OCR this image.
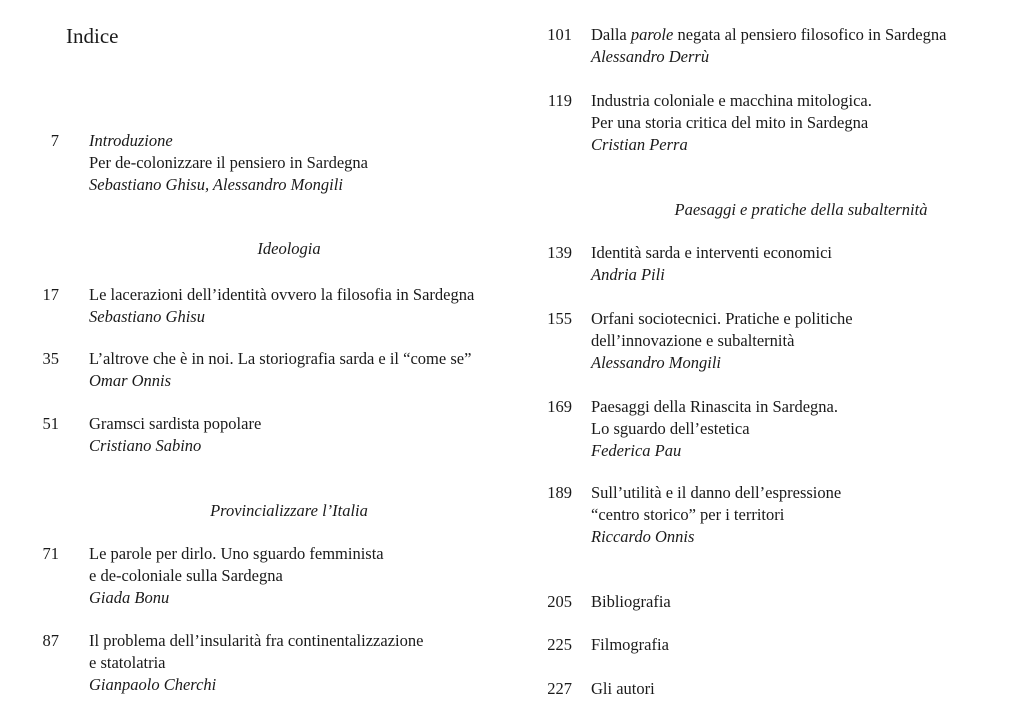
Indice
7 Introduzione
Per de-colonizzare il pensiero in Sardegna
Sebastiano Ghisu, Alessandro Mongili
Ideologia
17 Le lacerazioni dell’identità ovvero la filosofia in Sardegna
Sebastiano Ghisu
35 L’altrove che è in noi. La storiografia sarda e il “come se”
Omar Onnis
51 Gramsci sardista popolare
Cristiano Sabino
Provincializzare l’Italia
71 Le parole per dirlo. Uno sguardo femminista
e de-coloniale sulla Sardegna
Giada Bonu
87 Il problema dell’insularità fra continentalizzazione
e statolatria
Gianpaolo Cherchi
101 Dalla parole negata al pensiero filosofico in Sardegna
Alessandro Derrù
119 Industria coloniale e macchina mitologica.
Per una storia critica del mito in Sardegna
Cristian Perra
Paesaggi e pratiche della subalternità
139 Identità sarda e interventi economici
Andria Pili
155 Orfani sociotecnici. Pratiche e politiche
dell’innovazione e subalternità
Alessandro Mongili
169 Paesaggi della Rinascita in Sardegna.
Lo sguardo dell’estetica
Federica Pau
189 Sull’utilità e il danno dell’espressione
“centro storico” per i territori
Riccardo Onnis
205 Bibliografia
225 Filmografia
227 Gli autori
